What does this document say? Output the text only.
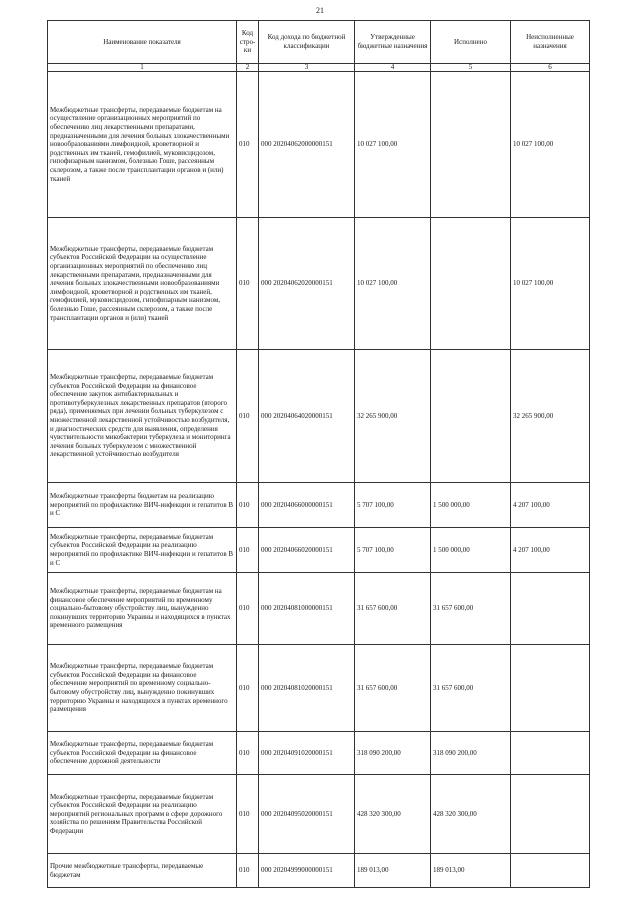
21
Наименование показателя	Код стро- ки	Код дохода по бюджетной классификации	Утвержденные бюджетные назначения	Исполнено	Неисполненные назначения
1	2	3	4	5	6
Межбюджетные трансферты, передаваемые бюджетам на осуществление организационных мероприятий по обеспечению лиц лекарственными препаратами, предназначенными для лечения больных злокачественными новообразованиями лимфоидной, кроветворной и родственных им тканей, гемофилией, муковисцидозом, гипофизарным нанизмом, болезнью Гоше, рассеянным склерозом, а также после трансплантации органов и (или) тканей	010	000 20204062000000151	10 027 100,00		10 027 100,00
Межбюджетные трансферты, передаваемые бюджетам субъектов Российской Федерации на осуществление организационных мероприятий по обеспечению лиц лекарственными препаратами, предназначенными для лечения больных злокачественными новообразованиями лимфоидной, кроветворной и родственных им тканей, гемофилией, муковисцидозом, гипофизарным нанизмом, болезнью Гоше, рассеянным склерозом, а также после трансплантации органов и (или) тканей	010	000 20204062020000151	10 027 100,00		10 027 100,00
Межбюджетные трансферты, передаваемые бюджетам субъектов Российской Федерации на финансовое обеспечение закупок антибактериальных и противотуберкулезных лекарственных препаратов (второго ряда), применяемых при лечении больных туберкулезом с множественной лекарственной устойчивостью возбудителя, и диагностических средств для выявления, определения чувствительности микобактерии туберкулеза и мониторинга лечения больных туберкулезом с множественной лекарственной устойчивостью возбудителя	010	000 20204064020000151	32 265 900,00		32 265 900,00
Межбюджетные трансферты бюджетам на реализацию мероприятий по профилактике ВИЧ-инфекции и гепатитов B и C	010	000 20204066000000151	5 707 100,00	1 500 000,00	4 207 100,00
Межбюджетные трансферты, передаваемые бюджетам субъектов Российской Федерации на реализацию мероприятий по профилактике ВИЧ-инфекции и гепатитов B и C	010	000 20204066020000151	5 707 100,00	1 500 000,00	4 207 100,00
Межбюджетные трансферты, передаваемые бюджетам на финансовое обеспечение мероприятий по временному социально-бытовому обустройству лиц, вынужденно покинувших территорию Украины и находящихся в пунктах временного размещения	010	000 20204081000000151	31 657 600,00	31 657 600,00	
Межбюджетные трансферты, передаваемые бюджетам субъектов Российской Федерации на финансовое обеспечение мероприятий по временному социально-бытовому обустройству лиц, вынужденно покинувших территорию Украины и находящихся в пунктах временного размещения	010	000 20204081020000151	31 657 600,00	31 657 600,00	
Межбюджетные трансферты, передаваемые бюджетам субъектов Российской Федерации на финансовое обеспечение дорожной деятельности	010	000 20204091020000151	318 090 200,00	318 090 200,00	
Межбюджетные трансферты, передаваемые бюджетам субъектов Российской Федерации на реализацию мероприятий региональных программ в сфере дорожного хозяйства по решениям Правительства Российской Федерации	010	000 20204095020000151	428 320 300,00	428 320 300,00	
Прочие межбюджетные трансферты, передаваемые бюджетам	010	000 20204999000000151	189 013,00	189 013,00	
